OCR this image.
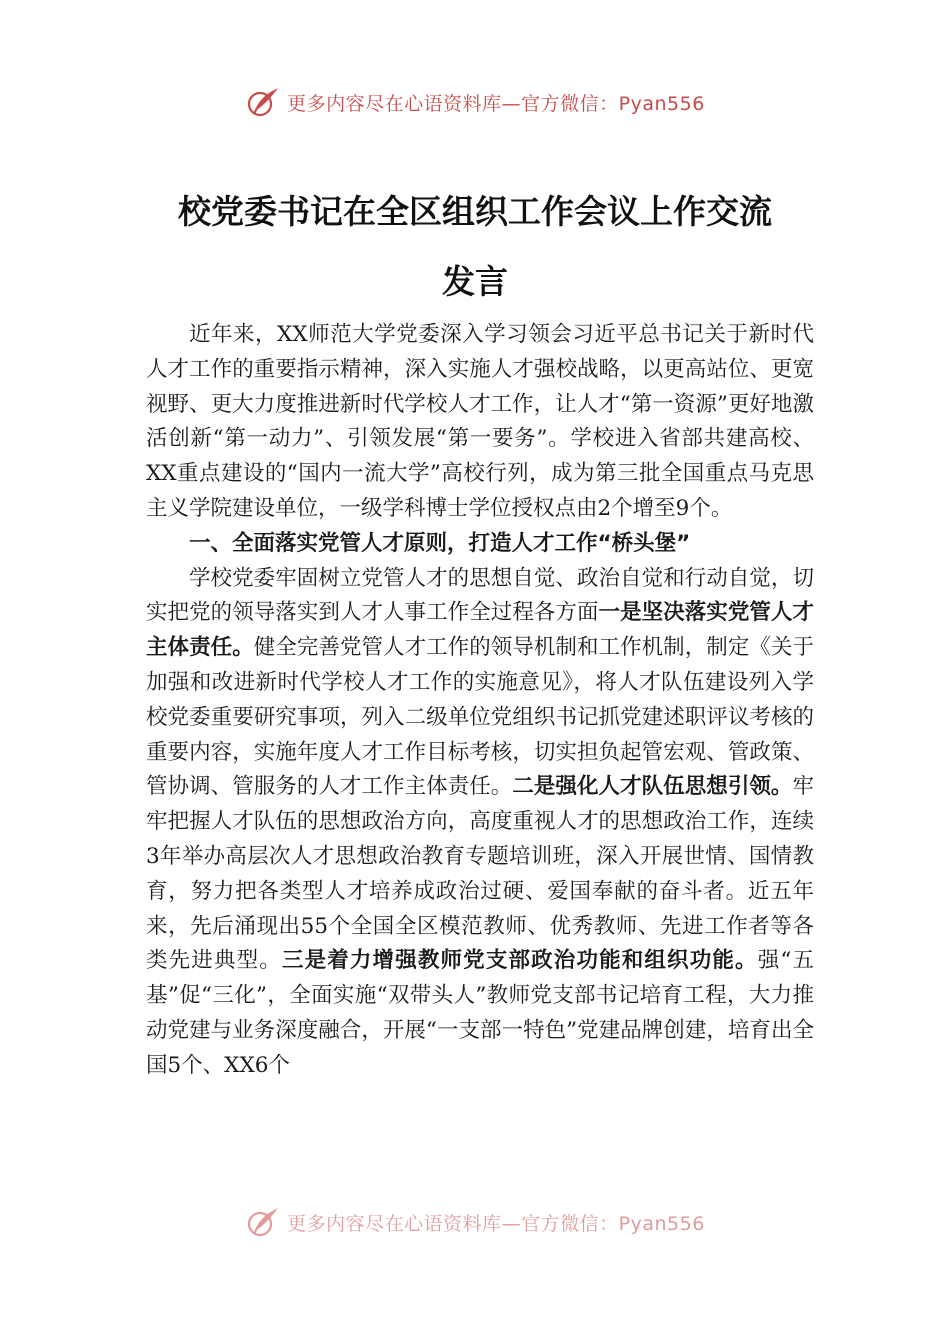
更多内容尽在心语资料库—官方微信：Pyan556
校党委书记在全区组织工作会议上作交流
发言

近年来，XX师范大学党委深入学习领会习近平总书记关于新时代人才工作的重要指示精神，深入实施人才强校战略，以更高站位、更宽视野、更大力度推进新时代学校人才工作，让人才“第一资源”更好地激活创新“第一动力”、引领发展“第一要务”。学校进入省部共建高校、XX重点建设的“国内一流大学”高校行列，成为第三批全国重点马克思主义学院建设单位，一级学科博士学位授权点由2个增至9个。

一、全面落实党管人才原则，打造人才工作“桥头堡”

学校党委牢固树立党管人才的思想自觉、政治自觉和行动自觉，切实把党的领导落实到人才人事工作全过程各方面一是坚决落实党管人才主体责任。健全完善党管人才工作的领导机制和工作机制，制定《关于加强和改进新时代学校人才工作的实施意见》，将人才队伍建设列入学校党委重要研究事项，列入二级单位党组织书记抓党建述职评议考核的重要内容，实施年度人才工作目标考核，切实担负起管宏观、管政策、管协调、管服务的人才工作主体责任。二是强化人才队伍思想引领。牢牢把握人才队伍的思想政治方向，高度重视人才的思想政治工作，连续3年举办高层次人才思想政治教育专题培训班，深入开展世情、国情教育，努力把各类型人才培养成政治过硬、爱国奉献的奋斗者。近五年来，先后涌现出55个全国全区模范教师、优秀教师、先进工作者等各类先进典型。三是着力增强教师党支部政治功能和组织功能。强“五基”促“三化”，全面实施“双带头人”教师党支部书记培育工程，大力推动党建与业务深度融合，开展“一支部一特色”党建品牌创建，培育出全国5个、XX6个

更多内容尽在心语资料库—官方微信：Pyan556
